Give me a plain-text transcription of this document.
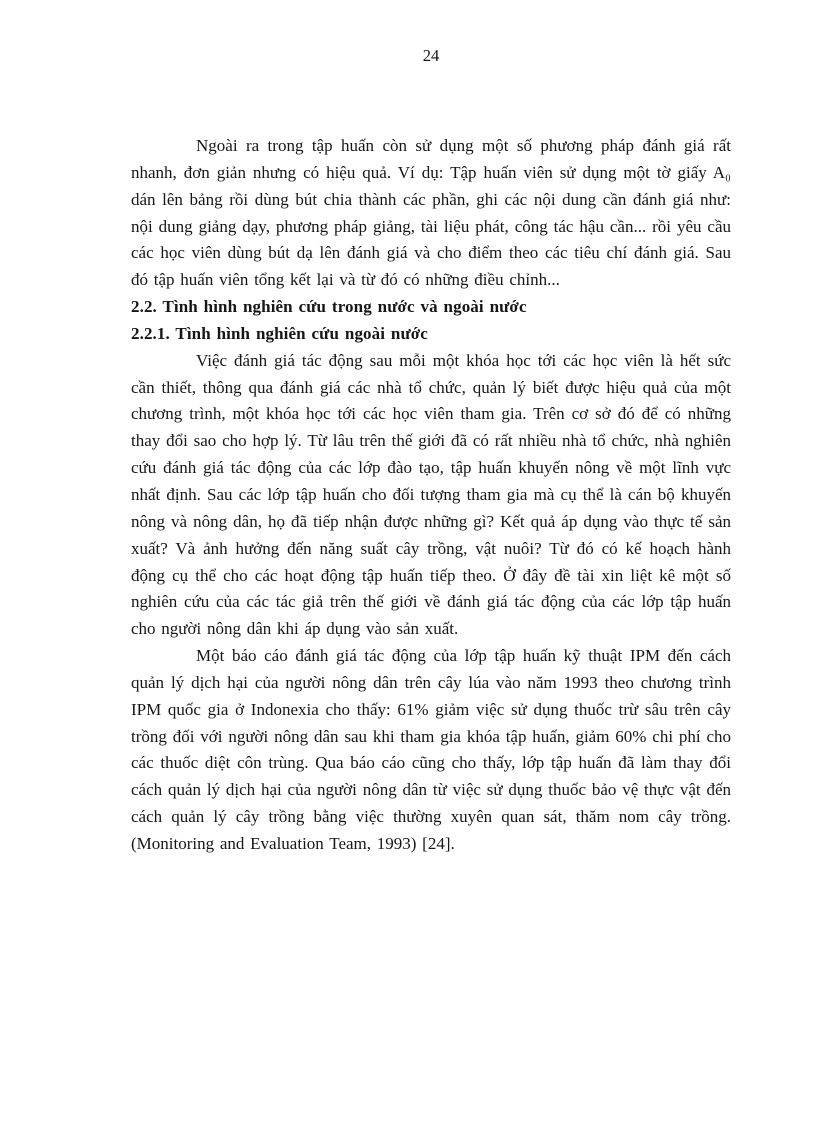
24

Ngoài ra trong tập huấn còn sử dụng một số phương pháp đánh giá rất nhanh, đơn giản nhưng có hiệu quả. Ví dụ: Tập huấn viên sử dụng một tờ giấy A₀ dán lên bảng rồi dùng bút chia thành các phần, ghi các nội dung cần đánh giá như: nội dung giảng dạy, phương pháp giảng, tài liệu phát, công tác hậu cần... rồi yêu cầu các học viên dùng bút dạ lên đánh giá và cho điểm theo các tiêu chí đánh giá. Sau đó tập huấn viên tổng kết lại và từ đó có những điều chỉnh...

2.2. Tình hình nghiên cứu trong nước và ngoài nước

2.2.1. Tình hình nghiên cứu ngoài nước

Việc đánh giá tác động sau mỗi một khóa học tới các học viên là hết sức cần thiết, thông qua đánh giá các nhà tổ chức, quản lý biết được hiệu quả của một chương trình, một khóa học tới các học viên tham gia. Trên cơ sở đó để có những thay đổi sao cho hợp lý. Từ lâu trên thế giới đã có rất nhiều nhà tổ chức, nhà nghiên cứu đánh giá tác động của các lớp đào tạo, tập huấn khuyến nông về một lĩnh vực nhất định. Sau các lớp tập huấn cho đối tượng tham gia mà cụ thể là cán bộ khuyến nông và nông dân, họ đã tiếp nhận được những gì? Kết quả áp dụng vào thực tế sản xuất? Và ảnh hưởng đến năng suất cây trồng, vật nuôi? Từ đó có kế hoạch hành động cụ thể cho các hoạt động tập huấn tiếp theo. Ở đây đề tài xin liệt kê một số nghiên cứu của các tác giả trên thế giới về đánh giá tác động của các lớp tập huấn cho người nông dân khi áp dụng vào sản xuất.

Một báo cáo đánh giá tác động của lớp tập huấn kỹ thuật IPM đến cách quản lý dịch hại của người nông dân trên cây lúa vào năm 1993 theo chương trình IPM quốc gia ở Indonexia cho thấy: 61% giảm việc sử dụng thuốc trừ sâu trên cây trồng đối với người nông dân sau khi tham gia khóa tập huấn, giảm 60% chi phí cho các thuốc diệt côn trùng. Qua báo cáo cũng cho thấy, lớp tập huấn đã làm thay đổi cách quản lý dịch hại của người nông dân từ việc sử dụng thuốc bảo vệ thực vật đến cách quản lý cây trồng bằng việc thường xuyên quan sát, thăm nom cây trồng. (Monitoring and Evaluation Team, 1993) [24].
